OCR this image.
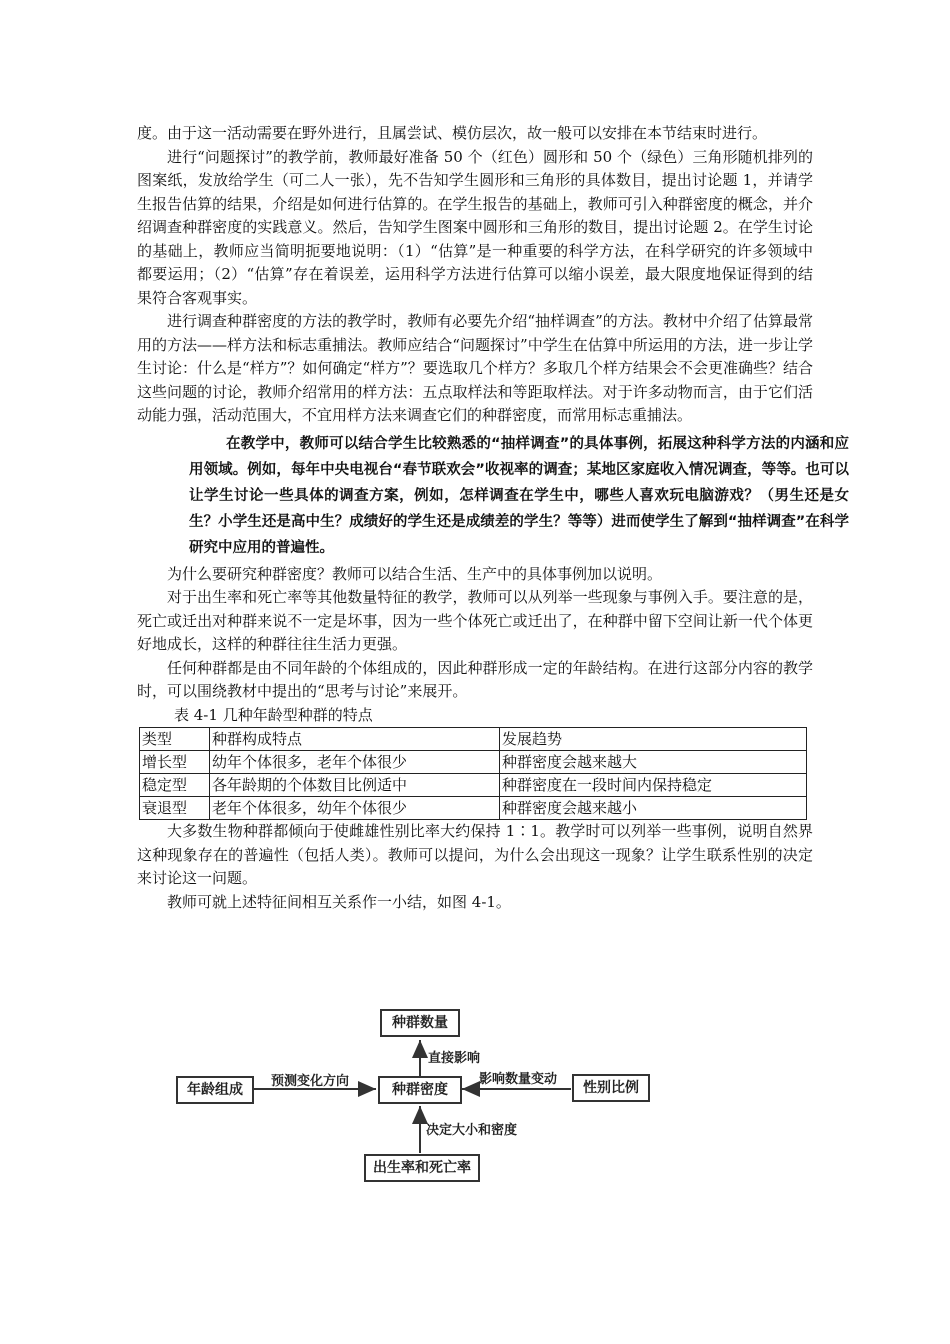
度。由于这一活动需要在野外进行，且属尝试、模仿层次，故一般可以安排在本节结束时进行。

进行“问题探讨”的教学前，教师最好准备 50 个（红色）圆形和 50 个（绿色）三角形随机排列的图案纸，发放给学生（可二人一张），先不告知学生圆形和三角形的具体数目，提出讨论题 1，并请学生报告估算的结果，介绍是如何进行估算的。在学生报告的基础上，教师可引入种群密度的概念，并介绍调查种群密度的实践意义。然后，告知学生图案中圆形和三角形的数目，提出讨论题 2。在学生讨论的基础上，教师应当简明扼要地说明：（1）“估算”是一种重要的科学方法，在科学研究的许多领域中都要运用；（2）“估算”存在着误差，运用科学方法进行估算可以缩小误差，最大限度地保证得到的结果符合客观事实。

进行调查种群密度的方法的教学时，教师有必要先介绍“抽样调查”的方法。教材中介绍了估算最常用的方法——样方法和标志重捕法。教师应结合“问题探讨”中学生在估算中所运用的方法，进一步让学生讨论：什么是“样方”？如何确定“样方”？要选取几个样方？多取几个样方结果会不会更准确些？结合这些问题的讨论，教师介绍常用的样方法：五点取样法和等距取样法。对于许多动物而言，由于它们活动能力强，活动范围大，不宜用样方法来调查它们的种群密度，而常用标志重捕法。

在教学中，教师可以结合学生比较熟悉的“抽样调查”的具体事例，拓展这种科学方法的内涵和应用领域。例如，每年中央电视台“春节联欢会”收视率的调查；某地区家庭收入情况调查，等等。也可以让学生讨论一些具体的调查方案，例如，怎样调查在学生中，哪些人喜欢玩电脑游戏？（男生还是女生？小学生还是高中生？成绩好的学生还是成绩差的学生？等等）进而使学生了解到“抽样调查”在科学研究中应用的普遍性。

为什么要研究种群密度？教师可以结合生活、生产中的具体事例加以说明。

对于出生率和死亡率等其他数量特征的教学，教师可以从列举一些现象与事例入手。要注意的是，死亡或迁出对种群来说不一定是坏事，因为一些个体死亡或迁出了，在种群中留下空间让新一代个体更好地成长，这样的种群往往生活力更强。

任何种群都是由不同年龄的个体组成的，因此种群形成一定的年龄结构。在进行这部分内容的教学时，可以围绕教材中提出的“思考与讨论”来展开。

表 4-1 几种年龄型种群的特点

类型	种群构成特点	发展趋势
增长型	幼年个体很多，老年个体很少	种群密度会越来越大
稳定型	各年龄期的个体数目比例适中	种群密度在一段时间内保持稳定
衰退型	老年个体很多，幼年个体很少	种群密度会越来越小

大多数生物种群都倾向于使雌雄性别比率大约保持 1∶1。教学时可以列举一些事例，说明自然界这种现象存在的普遍性（包括人类）。教师可以提问，为什么会出现这一现象？让学生联系性别的决定来讨论这一问题。

教师可就上述特征间相互关系作一小结，如图 4-1。

种群数量
种群密度
年龄组成	性别比例
出生率和死亡率
直接影响
预测变化方向	影响数量变动
决定大小和密度
